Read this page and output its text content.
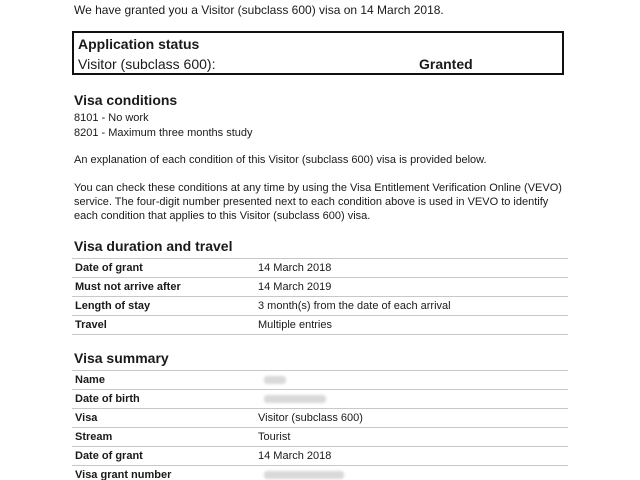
We have granted you a Visitor (subclass 600) visa on 14 March 2018.

Application status
Visitor (subclass 600):	Granted
Visa conditions
8101 - No work
8201 - Maximum three months study

An explanation of each condition of this Visitor (subclass 600) visa is provided below.

You can check these conditions at any time by using the Visa Entitlement Verification Online (VEVO) service. The four-digit number presented next to each condition above is used in VEVO to identify each condition that applies to this Visitor (subclass 600) visa.

Visa duration and travel
Date of grant	14 March 2018
Must not arrive after	14 March 2019
Length of stay	3 month(s) from the date of each arrival
Travel	Multiple entries
Visa summary
Name	
Date of birth	
Visa	Visitor (subclass 600)
Stream	Tourist
Date of grant	14 March 2018
Visa grant number	
